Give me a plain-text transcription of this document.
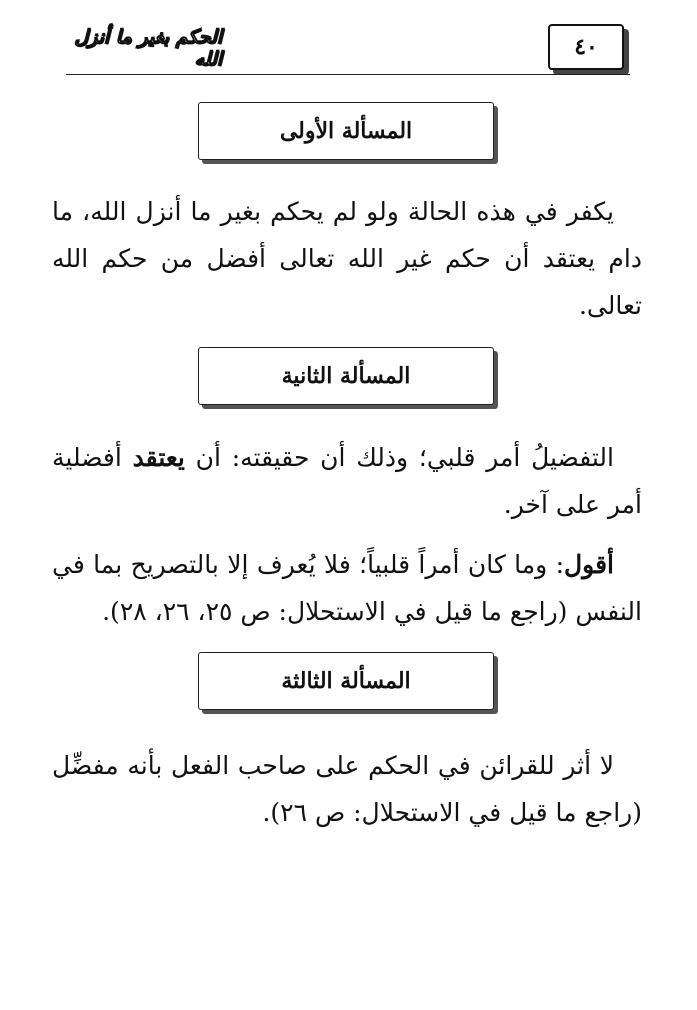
٤٠
الحكم بغير ما أنزل الله
المسألة الأولى

يكفر في هذه الحالة ولو لم يحكم بغير ما أنزل الله، ما دام يعتقد أن حكم غير الله تعالى أفضل من حكم الله تعالى.

المسألة الثانية

التفضيلُ أمر قلبي؛ وذلك أن حقيقته: أن يعتقد أفضلية أمر على آخر.

أقول: وما كان أمراً قلبياً؛ فلا يُعرف إلا بالتصريح بما في النفس (راجع ما قيل في الاستحلال: ص ٢٥، ٢٦، ٢٨).

المسألة الثالثة

لا أثر للقرائن في الحكم على صاحب الفعل بأنه مفضِّل (راجع ما قيل في الاستحلال: ص ٢٦).
